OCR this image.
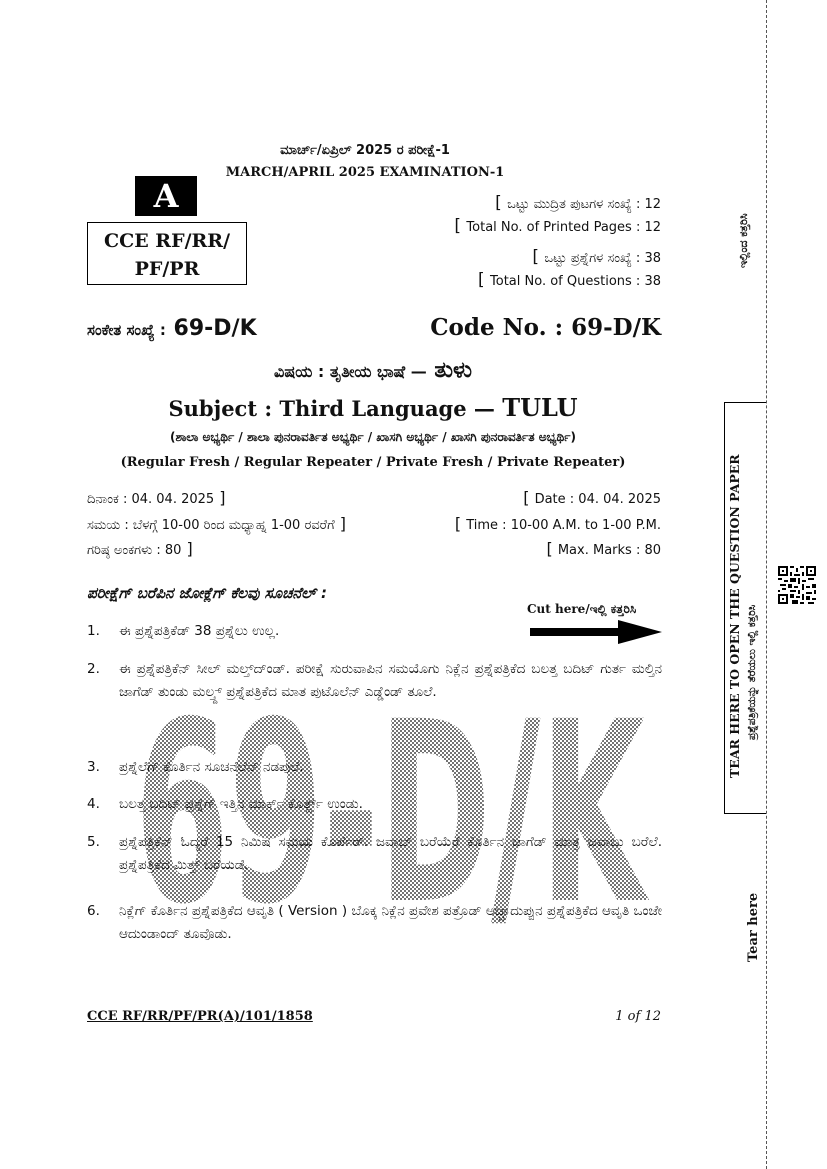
ಮಾರ್ಚ್/ಏಪ್ರಿಲ್ 2025 ರ ಪರೀಕ್ಷೆ-1
MARCH/APRIL 2025 EXAMINATION-1
A
CCE RF/RR/
PF/PR
[ ಒಟ್ಟು ಮುದ್ರಿತ ಪುಟಗಳ ಸಂಖ್ಯೆ : 12
[ Total No. of Printed Pages : 12
[ ಒಟ್ಟು ಪ್ರಶ್ನೆಗಳ ಸಂಖ್ಯೆ : 38
[ Total No. of Questions : 38
ಸಂಕೇತ ಸಂಖ್ಯೆ : 69-D/K	Code No. : 69-D/K
ವಿಷಯ : ತೃತೀಯ ಭಾಷೆ — ತುಳು
Subject : Third Language — TULU
(ಶಾಲಾ ಅಭ್ಯರ್ಥಿ / ಶಾಲಾ ಪುನರಾವರ್ತಿತ ಅಭ್ಯರ್ಥಿ / ಖಾಸಗಿ ಅಭ್ಯರ್ಥಿ / ಖಾಸಗಿ ಪುನರಾವರ್ತಿತ ಅಭ್ಯರ್ಥಿ)
(Regular Fresh / Regular Repeater / Private Fresh / Private Repeater)
ದಿನಾಂಕ : 04. 04. 2025 ]	[ Date : 04. 04. 2025
ಸಮಯ : ಬೆಳಗ್ಗೆ 10-00 ರಿಂದ ಮಧ್ಯಾಹ್ನ 1-00 ರವರೆಗೆ ]	[ Time : 10-00 A.M. to 1-00 P.M.
ಗರಿಷ್ಠ ಅಂಕಗಳು : 80 ]	[ Max. Marks : 80
ಪರೀಕ್ಷೆಗ್ ಬರೆಪಿನ ಜೋಕ್ಲೆಗ್ ಕೆಲವು ಸೂಚನೆಲ್ :
Cut here/ಇಲ್ಲಿ ಕತ್ತರಿಸಿ
1.	ಈ ಪ್ರಶ್ನೆಪತ್ರಿಕೆಡ್ 38 ಪ್ರಶ್ನೆಲು ಉಲ್ಲ.
2.	ಈ ಪ್ರಶ್ನೆಪತ್ರಿಕೆನ್ ಸೀಲ್ ಮಲ್ತ್‌ದ್‌ಂಡ್. ಪರೀಕ್ಷೆ ಸುರುವಾಪಿನ ಸಮಯೊಗು ನಿಕ್ಲೆನ ಪ್ರಶ್ನೆಪತ್ರಿಕೆದ ಬಲತ್ತ ಬದಿಟ್ ಗುರ್ತ ಮಲ್ತಿನ ಜಾಗೆಡ್ ತುಂಡು ಮಲ್ತ್ದ್ ಪ್ರಶ್ನೆಪತ್ರಿಕೆದ ಮಾತ ಪುಟೊಲೆನ್ ಎಡ್ಡೆಂಡ್ ತೂಲೆ.
3.	ಪ್ರಶ್ನೆಲೆಗ್ ಕೊರ್ತಿನ ಸೂಚನೆಲೆನ್ ನಡಪುಲೆ.
4.	ಬಲತ್ತ ಬದಿಟ್ ಪ್ರಶ್ನೆಗ್ ಇತ್ತಿನ ಮಾರ್ಕ್ ಕೊರ್ತ್ದ್ ಉಂಡು.
5.	ಪ್ರಶ್ನೆಪತ್ರಿಕೆನ್ ಓದ್ಯರೆ 15 ನಿಮಿಷ ಸಮಯ ಕೊರ್ಪೆರ್. ಜವಾಬ್ ಬರೆಯೆರೆ ಕೊರ್ತಿನ ಜಾಗೆಡ್ ಮಾತ್ರ ಜವಾಬು ಬರೆಲೆ. ಪ್ರಶ್ನೆಪತ್ರಿಕೆದ ಮಿತ್ತ್ ಬರೆಯಡೆ.
6.	ನಿಕ್ಲೆಗ್ ಕೊರ್ತಿನ ಪ್ರಶ್ನೆಪತ್ರಿಕೆದ ಆವೃತಿ ( Version ) ಬೊಕ್ಕ ನಿಕ್ಲೆನ ಪ್ರವೇಶ ಪತ್ರೊಡ್ ಅಚ್ಚಾದುಪ್ಪುನ ಪ್ರಶ್ನೆಪತ್ರಿಕೆದ ಆವೃತಿ ಒಂಜೇ ಆದುಂಡಾಂದ್ ತೂವೊಡು.
69-D/K
CCE RF/RR/PF/PR(A)/101/1858	1 of 12
ಇಲ್ಲಿಂದ ಕತ್ತರಿಸಿ
TEAR HERE TO OPEN THE QUESTION PAPER ಪ್ರಶ್ನೆಪತ್ರಿಕೆಯನ್ನು ತೆರೆಯಲು ಇಲ್ಲಿ ಕತ್ತರಿಸಿ
Tear here
